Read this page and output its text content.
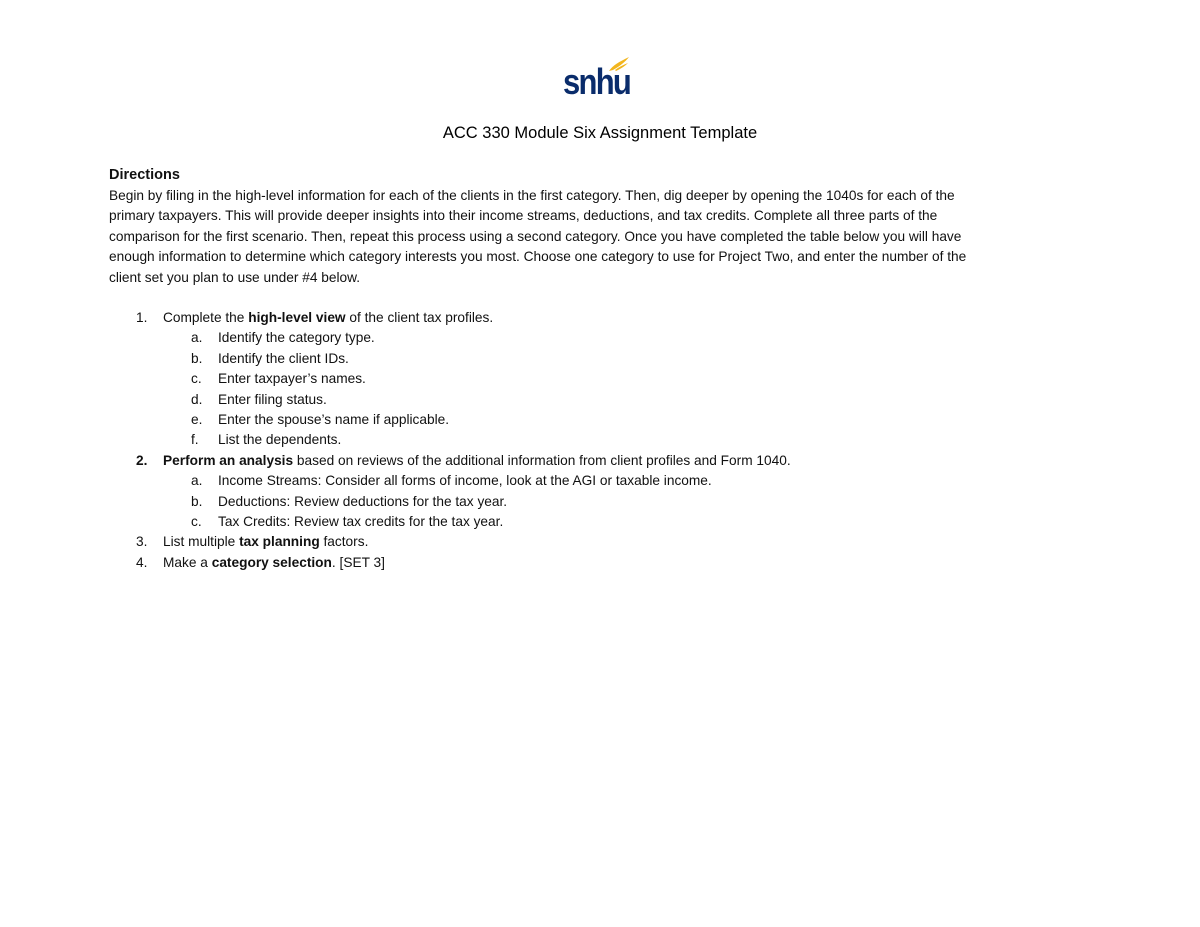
snhu
ACC 330 Module Six Assignment Template
Directions
Begin by filing in the high-level information for each of the clients in the first category. Then, dig deeper by opening the 1040s for each of the
primary taxpayers. This will provide deeper insights into their income streams, deductions, and tax credits. Complete all three parts of the
comparison for the first scenario. Then, repeat this process using a second category. Once you have completed the table below you will have
enough information to determine which category interests you most. Choose one category to use for Project Two, and enter the number of the
client set you plan to use under #4 below.
1. Complete the high-level view of the client tax profiles.
a. Identify the category type.
b. Identify the client IDs.
c. Enter taxpayer’s names.
d. Enter filing status.
e. Enter the spouse’s name if applicable.
f. List the dependents.
2. Perform an analysis based on reviews of the additional information from client profiles and Form 1040.
a. Income Streams: Consider all forms of income, look at the AGI or taxable income.
b. Deductions: Review deductions for the tax year.
c. Tax Credits: Review tax credits for the tax year.
3. List multiple tax planning factors.
4. Make a category selection. [SET 3]
